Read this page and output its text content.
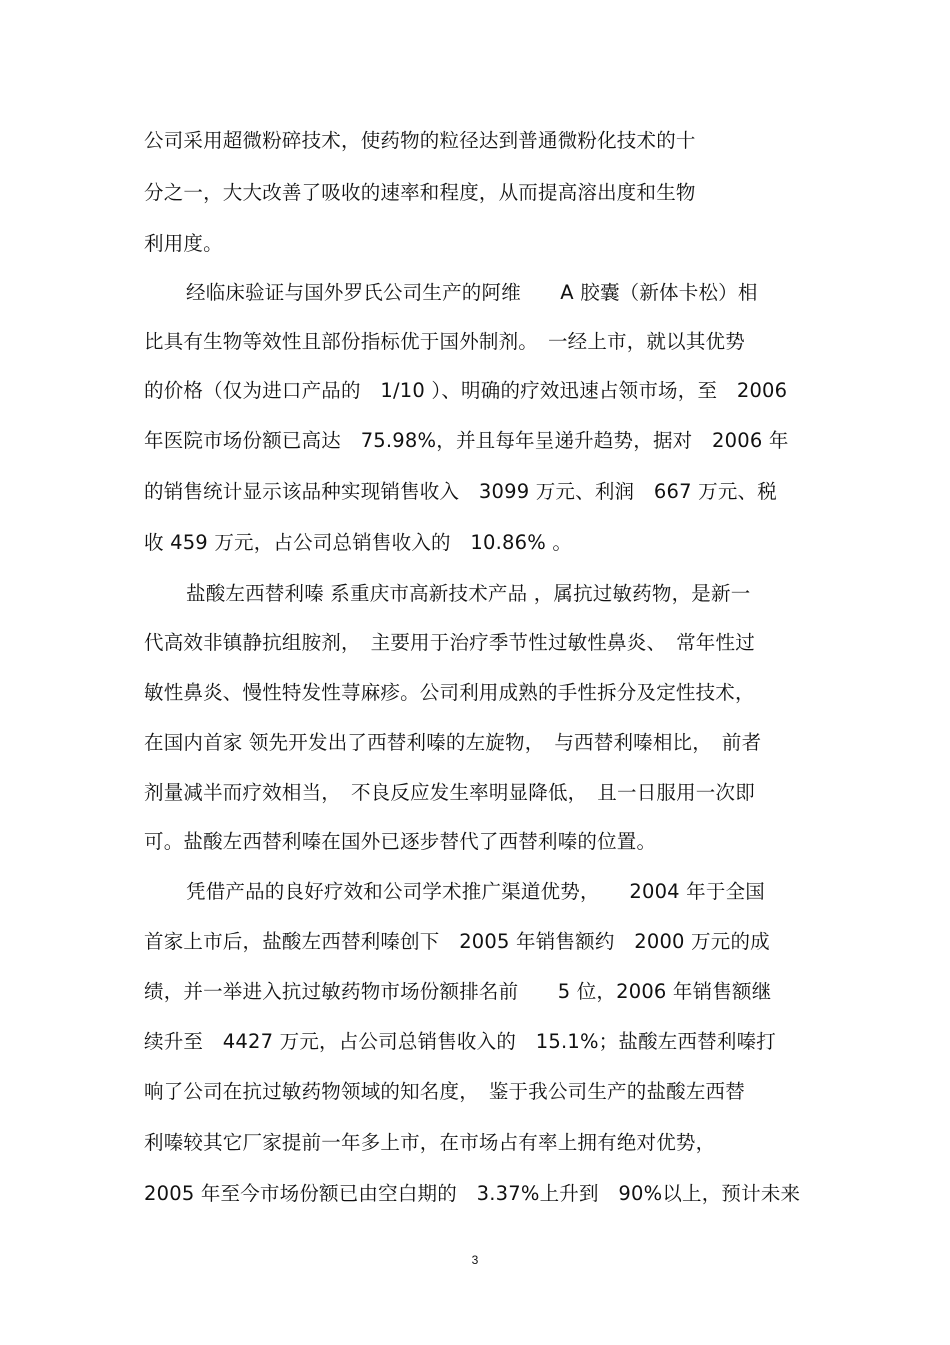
公司采用超微粉碎技术，使药物的粒径达到普通微粉化技术的十
分之一，大大改善了吸收的速率和程度，从而提高溶出度和生物
利用度。
经临床验证与国外罗氏公司生产的阿维　　A 胶囊（新体卡松）相
比具有生物等效性且部份指标优于国外制剂。　一经上市，就以其优势
的价格（仅为进口产品的　1/10 ）、明确的疗效迅速占领市场，至　2006
年医院市场份额已高达　75.98%，并且每年呈递升趋势，据对　2006 年
的销售统计显示该品种实现销售收入　3099 万元、利润　667 万元、税
收 459 万元，占公司总销售收入的　10.86% 。
盐酸左西替利嗪 系重庆市高新技术产品 ，属抗过敏药物，是新一
代高效非镇静抗组胺剂，　主要用于治疗季节性过敏性鼻炎、　常年性过
敏性鼻炎、慢性特发性荨麻疹。公司利用成熟的手性拆分及定性技术，
在国内首家 领先开发出了西替利嗪的左旋物，　与西替利嗪相比，　前者
剂量减半而疗效相当，　不良反应发生率明显降低，　且一日服用一次即
可。盐酸左西替利嗪在国外已逐步替代了西替利嗪的位置。
凭借产品的良好疗效和公司学术推广渠道优势，　　2004 年于全国
首家上市后，盐酸左西替利嗪创下　2005 年销售额约　2000 万元的成
绩，并一举进入抗过敏药物市场份额排名前　　5 位，2006 年销售额继
续升至　4427 万元，占公司总销售收入的　15.1%；盐酸左西替利嗪打
响了公司在抗过敏药物领域的知名度，　鉴于我公司生产的盐酸左西替
利嗪较其它厂家提前一年多上市，在市场占有率上拥有绝对优势，
2005 年至今市场份额已由空白期的　3.37%上升到　90%以上，预计未来
3
